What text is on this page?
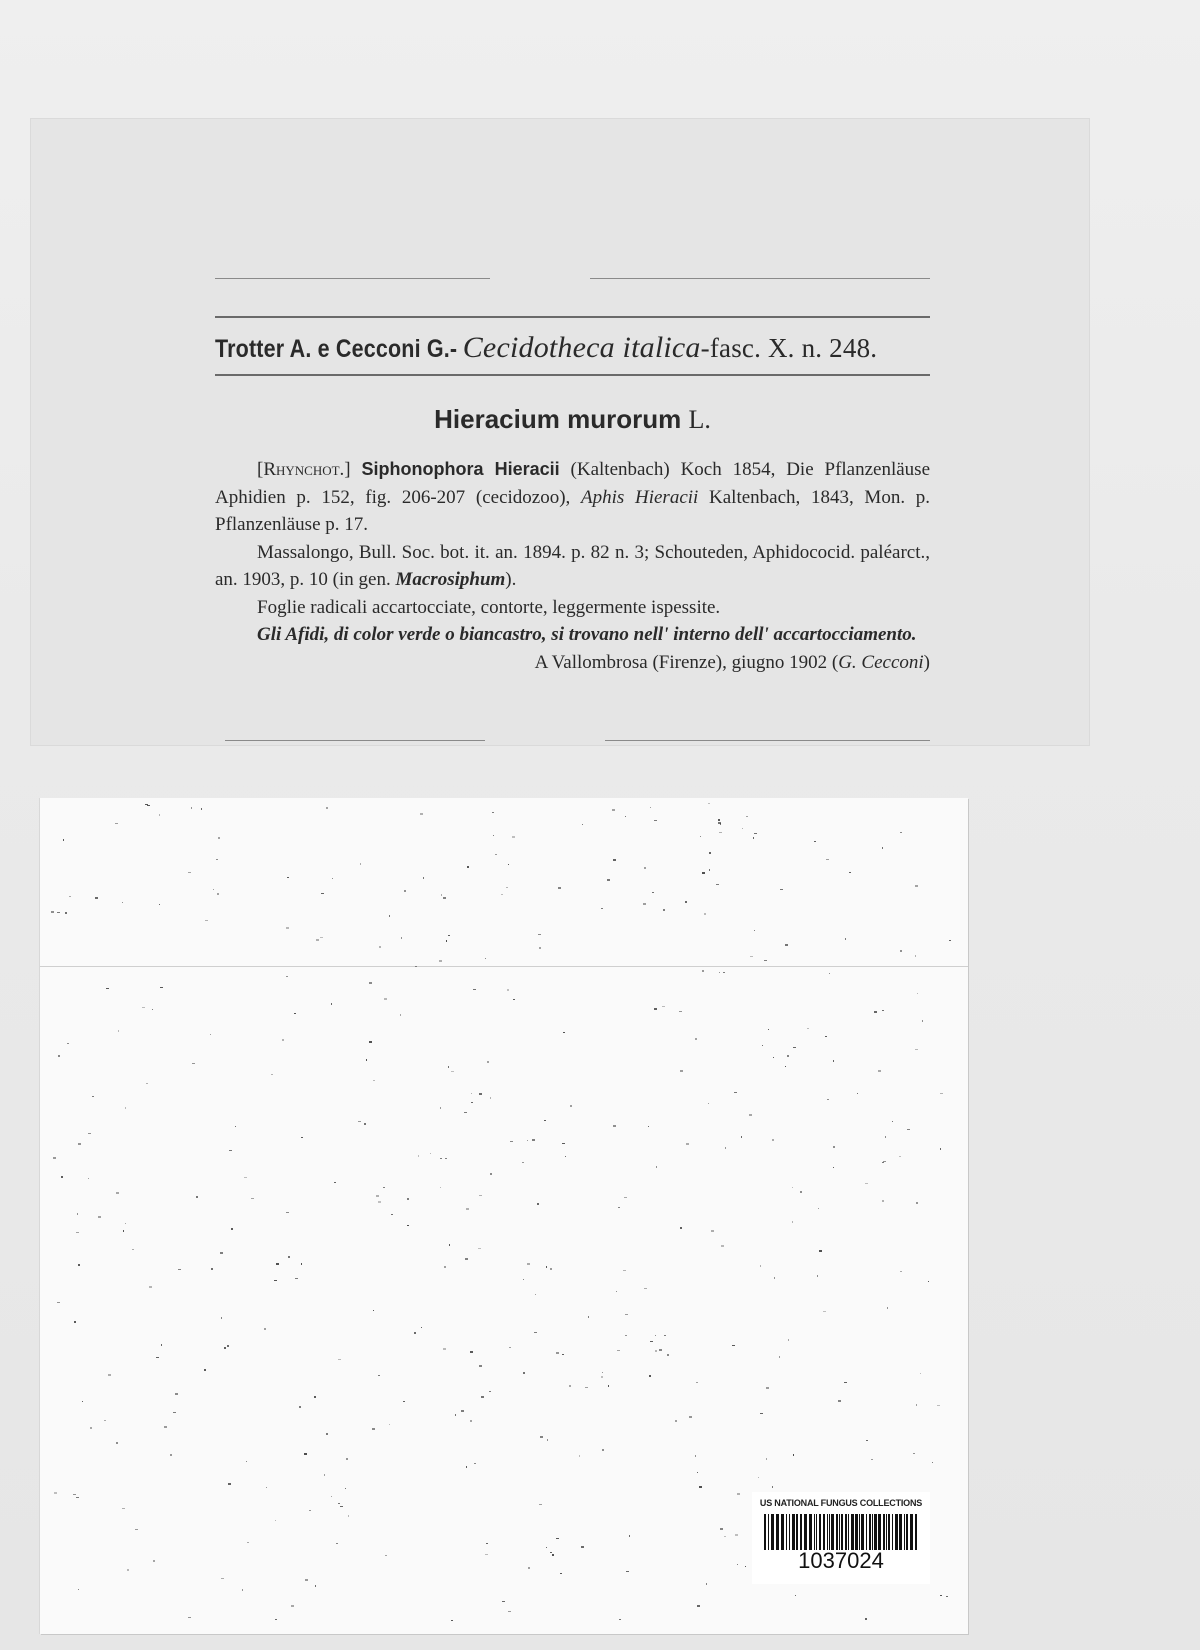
Trotter A. e Cecconi G.- Cecidotheca italica-fasc. X. n. 248.
Hieracium murorum L.

[Rhynchot.] Siphonophora Hieracii (Kaltenbach) Koch 1854, Die Pflanzenläuse Aphidien p. 152, fig. 206-207 (cecidozoo), Aphis Hieracii Kaltenbach, 1843, Mon. p. Pflanzenläuse p. 17.

Massalongo, Bull. Soc. bot. it. an. 1894. p. 82 n. 3; Schouteden, Aphidococid. paléarct., an. 1903, p. 10 (in gen. Macrosiphum).

Foglie radicali accartocciate, contorte, leggermente ispessite.

Gli Afidi, di color verde o biancastro, si trovano nell' interno dell' accartocciamento.

A Vallombrosa (Firenze), giugno 1902 (G. Cecconi)

US NATIONAL FUNGUS COLLECTIONS
1037024
